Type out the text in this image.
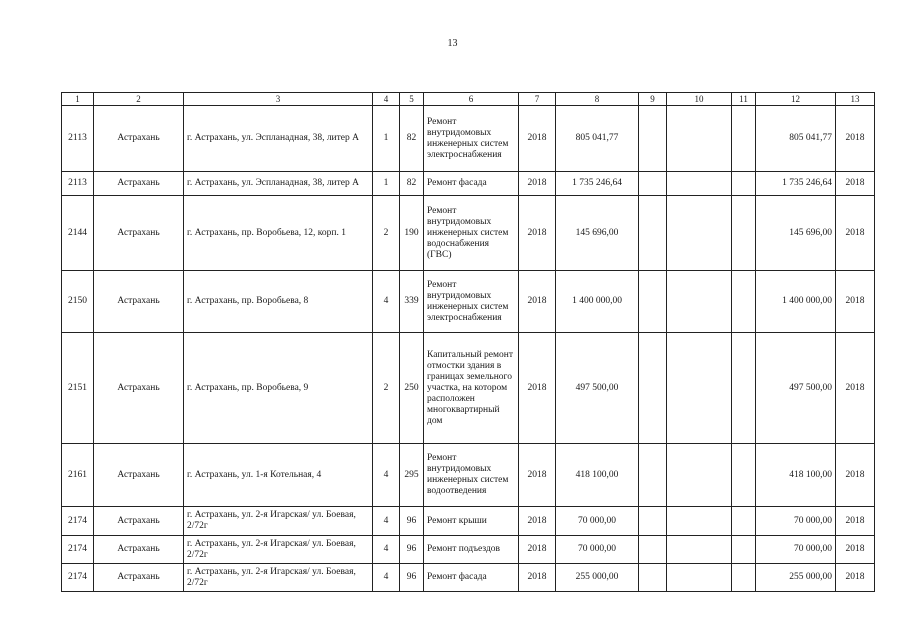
13
1	2	3	4	5	6	7	8	9	10	11	12	13
2113	Астрахань	г. Астрахань, ул. Эспланадная, 38, литер А	1	82	Ремонт внутридомовых инженерных систем электроснабжения	2018	805 041,77				805 041,77	2018
2113	Астрахань	г. Астрахань, ул. Эспланадная, 38, литер А	1	82	Ремонт фасада	2018	1 735 246,64				1 735 246,64	2018
2144	Астрахань	г. Астрахань, пр. Воробьева, 12, корп. 1	2	190	Ремонт внутридомовых инженерных систем водоснабжения (ГВС)	2018	145 696,00				145 696,00	2018
2150	Астрахань	г. Астрахань, пр. Воробьева, 8	4	339	Ремонт внутридомовых инженерных систем электроснабжения	2018	1 400 000,00				1 400 000,00	2018
2151	Астрахань	г. Астрахань, пр. Воробьева, 9	2	250	Капитальный ремонт отмостки здания в границах земельного участка, на котором расположен многоквартирный дом	2018	497 500,00				497 500,00	2018
2161	Астрахань	г. Астрахань, ул. 1-я Котельная, 4	4	295	Ремонт внутридомовых инженерных систем водоотведения	2018	418 100,00				418 100,00	2018
2174	Астрахань	г. Астрахань, ул. 2-я Игарская/ ул. Боевая, 2/72г	4	96	Ремонт крыши	2018	70 000,00				70 000,00	2018
2174	Астрахань	г. Астрахань, ул. 2-я Игарская/ ул. Боевая, 2/72г	4	96	Ремонт подъездов	2018	70 000,00				70 000,00	2018
2174	Астрахань	г. Астрахань, ул. 2-я Игарская/ ул. Боевая, 2/72г	4	96	Ремонт фасада	2018	255 000,00				255 000,00	2018
